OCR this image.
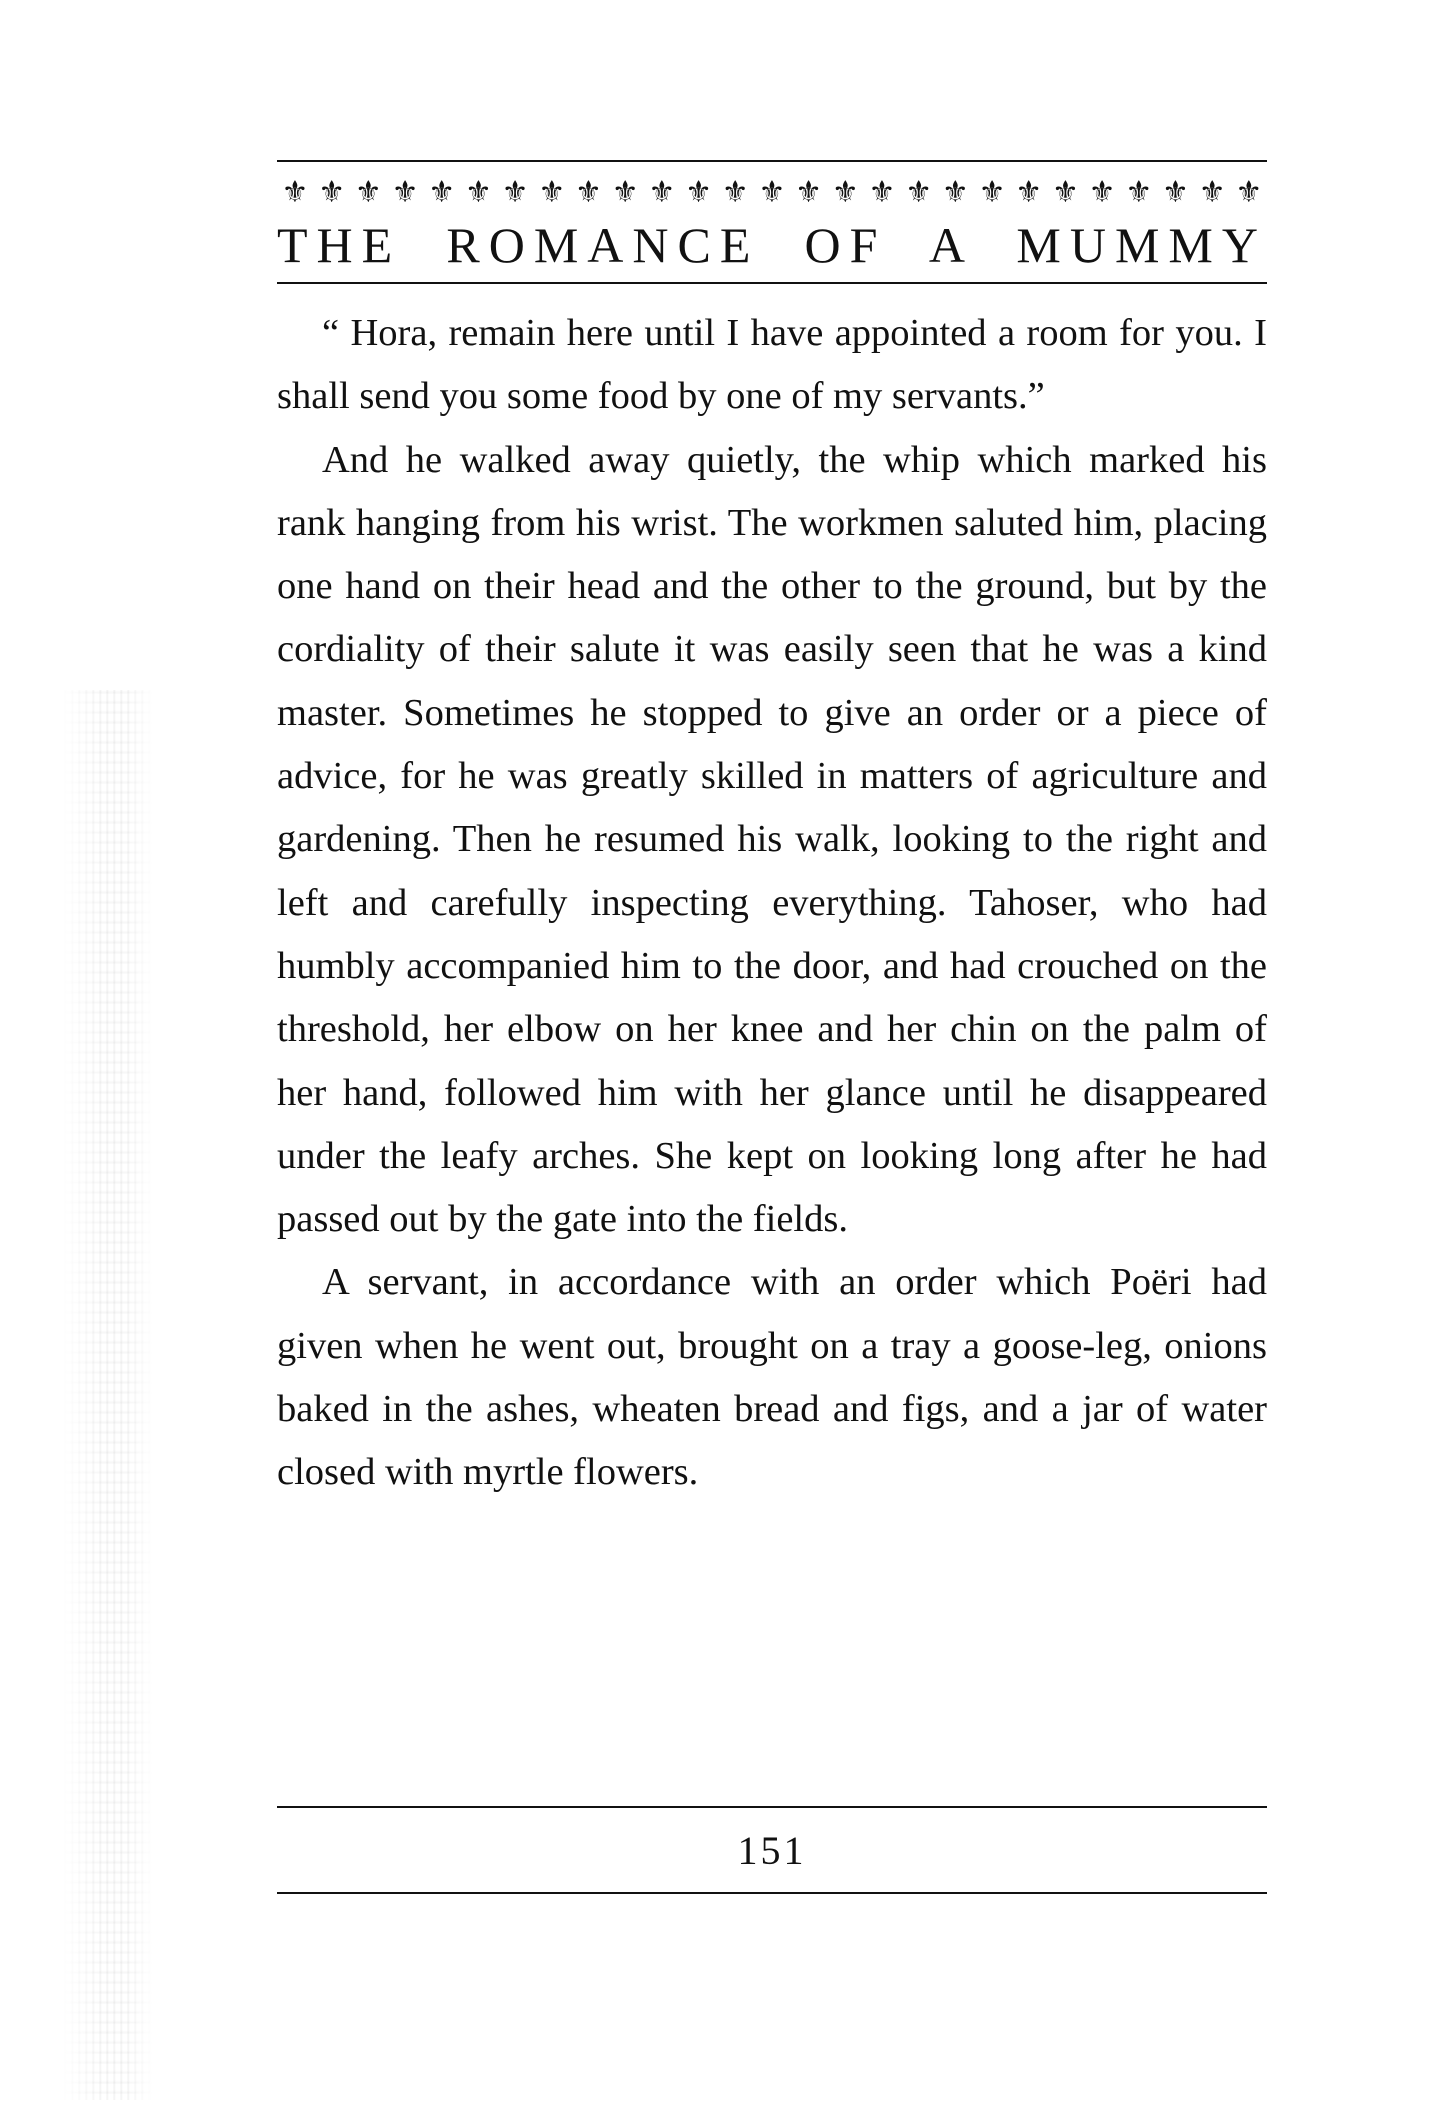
⚜ ⚜ ⚜ ⚜ ⚜ ⚜ ⚜ ⚜ ⚜ ⚜ ⚜ ⚜ ⚜ ⚜ ⚜ ⚜ ⚜ ⚜ ⚜ ⚜ ⚜ ⚜ ⚜ ⚜ ⚜ ⚜ ⚜
THE ROMANCE OF A MUMMY

“ Hora, remain here until I have appointed a room for you. I shall send you some food by one of my servants.”

And he walked away quietly, the whip which marked his rank hanging from his wrist. The workmen saluted him, placing one hand on their head and the other to the ground, but by the cordiality of their salute it was easily seen that he was a kind master. Sometimes he stopped to give an order or a piece of advice, for he was greatly skilled in matters of agriculture and gardening. Then he resumed his walk, looking to the right and left and carefully inspecting everything. Tahoser, who had humbly accompanied him to the door, and had crouched on the threshold, her elbow on her knee and her chin on the palm of her hand, followed him with her glance until he disappeared under the leafy arches. She kept on looking long after he had passed out by the gate into the fields.

A servant, in accordance with an order which Poëri had given when he went out, brought on a tray a goose-leg, onions baked in the ashes, wheaten bread and figs, and a jar of water closed with myrtle flowers.

151
